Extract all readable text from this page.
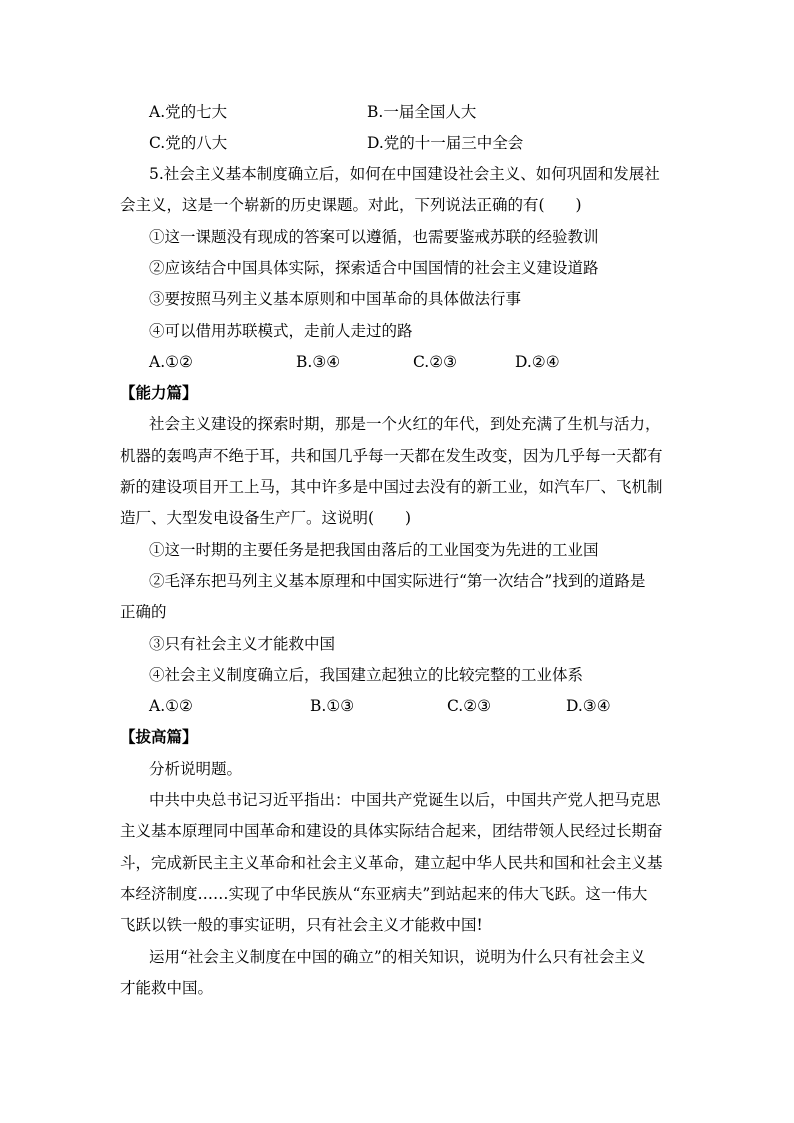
A.党的七大	B.一届全国人大
C.党的八大	D.党的十一届三中全会
5.社会主义基本制度确立后，如何在中国建设社会主义、如何巩固和发展社
会主义，这是一个崭新的历史课题。对此，下列说法正确的有(　　)
①这一课题没有现成的答案可以遵循，也需要鉴戒苏联的经验教训
②应该结合中国具体实际，探索适合中国国情的社会主义建设道路
③要按照马列主义基本原则和中国革命的具体做法行事
④可以借用苏联模式，走前人走过的路
A.①②	B.③④	C.②③	D.②④
【能力篇】
社会主义建设的探索时期，那是一个火红的年代，到处充满了生机与活力，
机器的轰鸣声不绝于耳，共和国几乎每一天都在发生改变，因为几乎每一天都有
新的建设项目开工上马，其中许多是中国过去没有的新工业，如汽车厂、飞机制
造厂、大型发电设备生产厂。这说明(　　)
①这一时期的主要任务是把我国由落后的工业国变为先进的工业国
②毛泽东把马列主义基本原理和中国实际进行“第一次结合”找到的道路是
正确的
③只有社会主义才能救中国
④社会主义制度确立后，我国建立起独立的比较完整的工业体系
A.①②	B.①③	C.②③	D.③④
【拔高篇】
分析说明题。
中共中央总书记习近平指出：中国共产党诞生以后，中国共产党人把马克思
主义基本原理同中国革命和建设的具体实际结合起来，团结带领人民经过长期奋
斗，完成新民主主义革命和社会主义革命，建立起中华人民共和国和社会主义基
本经济制度……实现了中华民族从“东亚病夫”到站起来的伟大飞跃。这一伟大
飞跃以铁一般的事实证明，只有社会主义才能救中国!
运用“社会主义制度在中国的确立”的相关知识，说明为什么只有社会主义
才能救中国。
